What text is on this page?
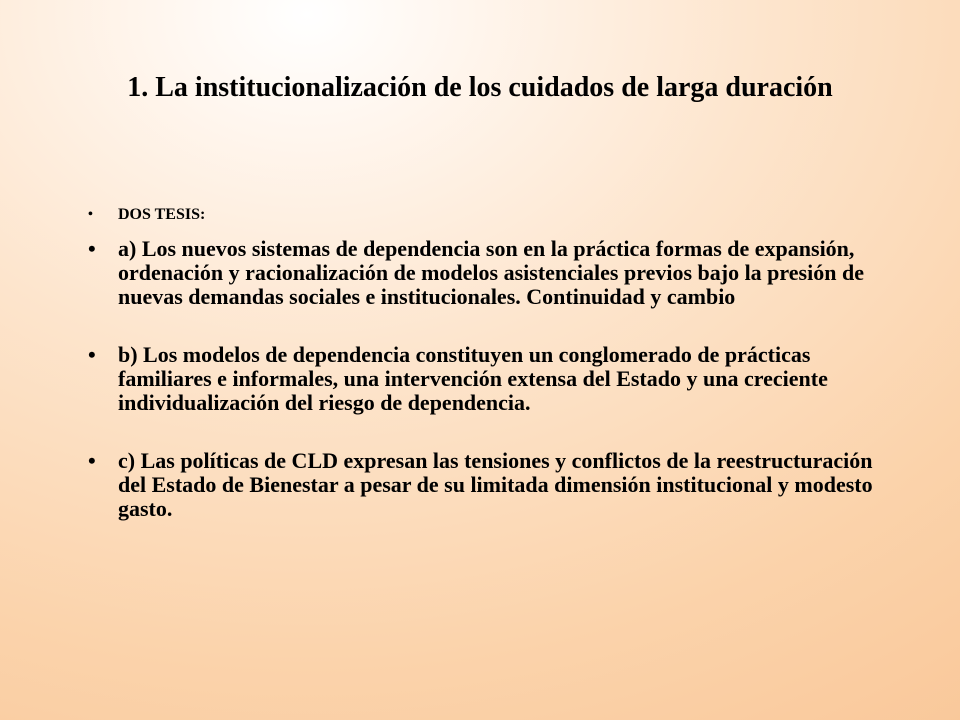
1. La institucionalización de los cuidados de larga duración
• DOS TESIS:
• a) Los nuevos sistemas de dependencia son en la práctica formas de expansión, ordenación y racionalización de modelos asistenciales previos bajo la presión de nuevas demandas sociales e institucionales. Continuidad y cambio
• b) Los modelos de dependencia constituyen un conglomerado de prácticas familiares e informales, una intervención extensa del Estado y una creciente individualización del riesgo de dependencia.
• c) Las políticas de CLD expresan las tensiones y conflictos de la reestructuración del Estado de Bienestar a pesar de su limitada dimensión institucional y modesto gasto.
